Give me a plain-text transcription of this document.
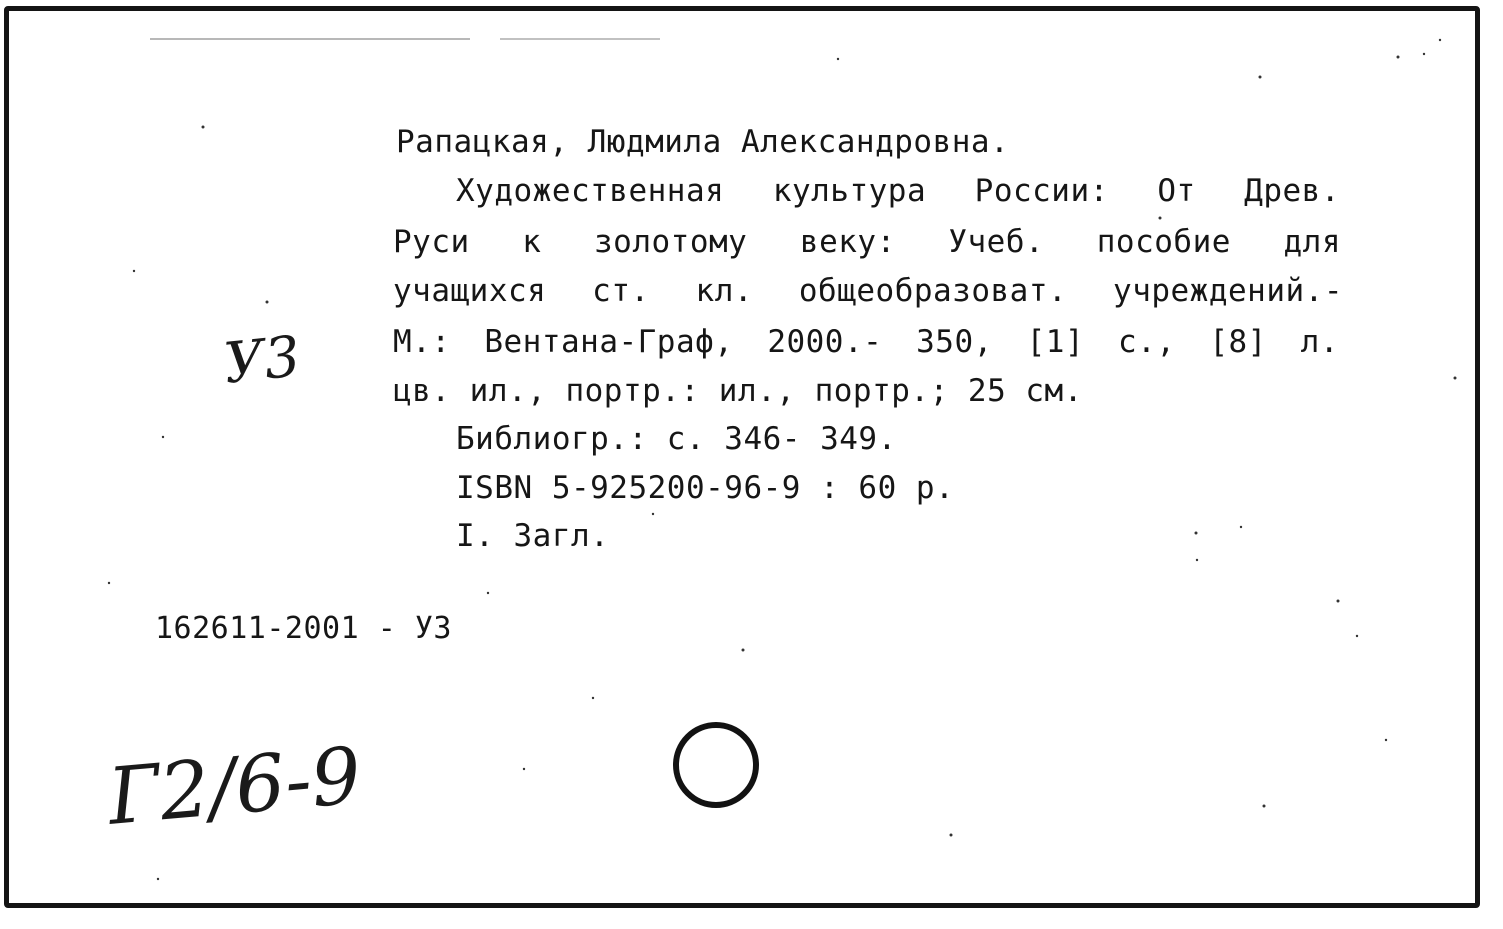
Рапацкая, Людмила Александровна.
Художественная культура России: От Древ.
Руси к золотому веку: Учеб. пособие для
учащихся ст. кл. общеобразоват. учреждений.-
М.: Вентана-Граф, 2000.- 350, [1] с., [8] л.
цв. ил., портр.: ил., портр.; 25 см.
Библиогр.: с. 346- 349.
ISBN 5-925200-96-9 : 60 р.
I. Загл.
162611-2001 - У3
У3
Г2/6-9
